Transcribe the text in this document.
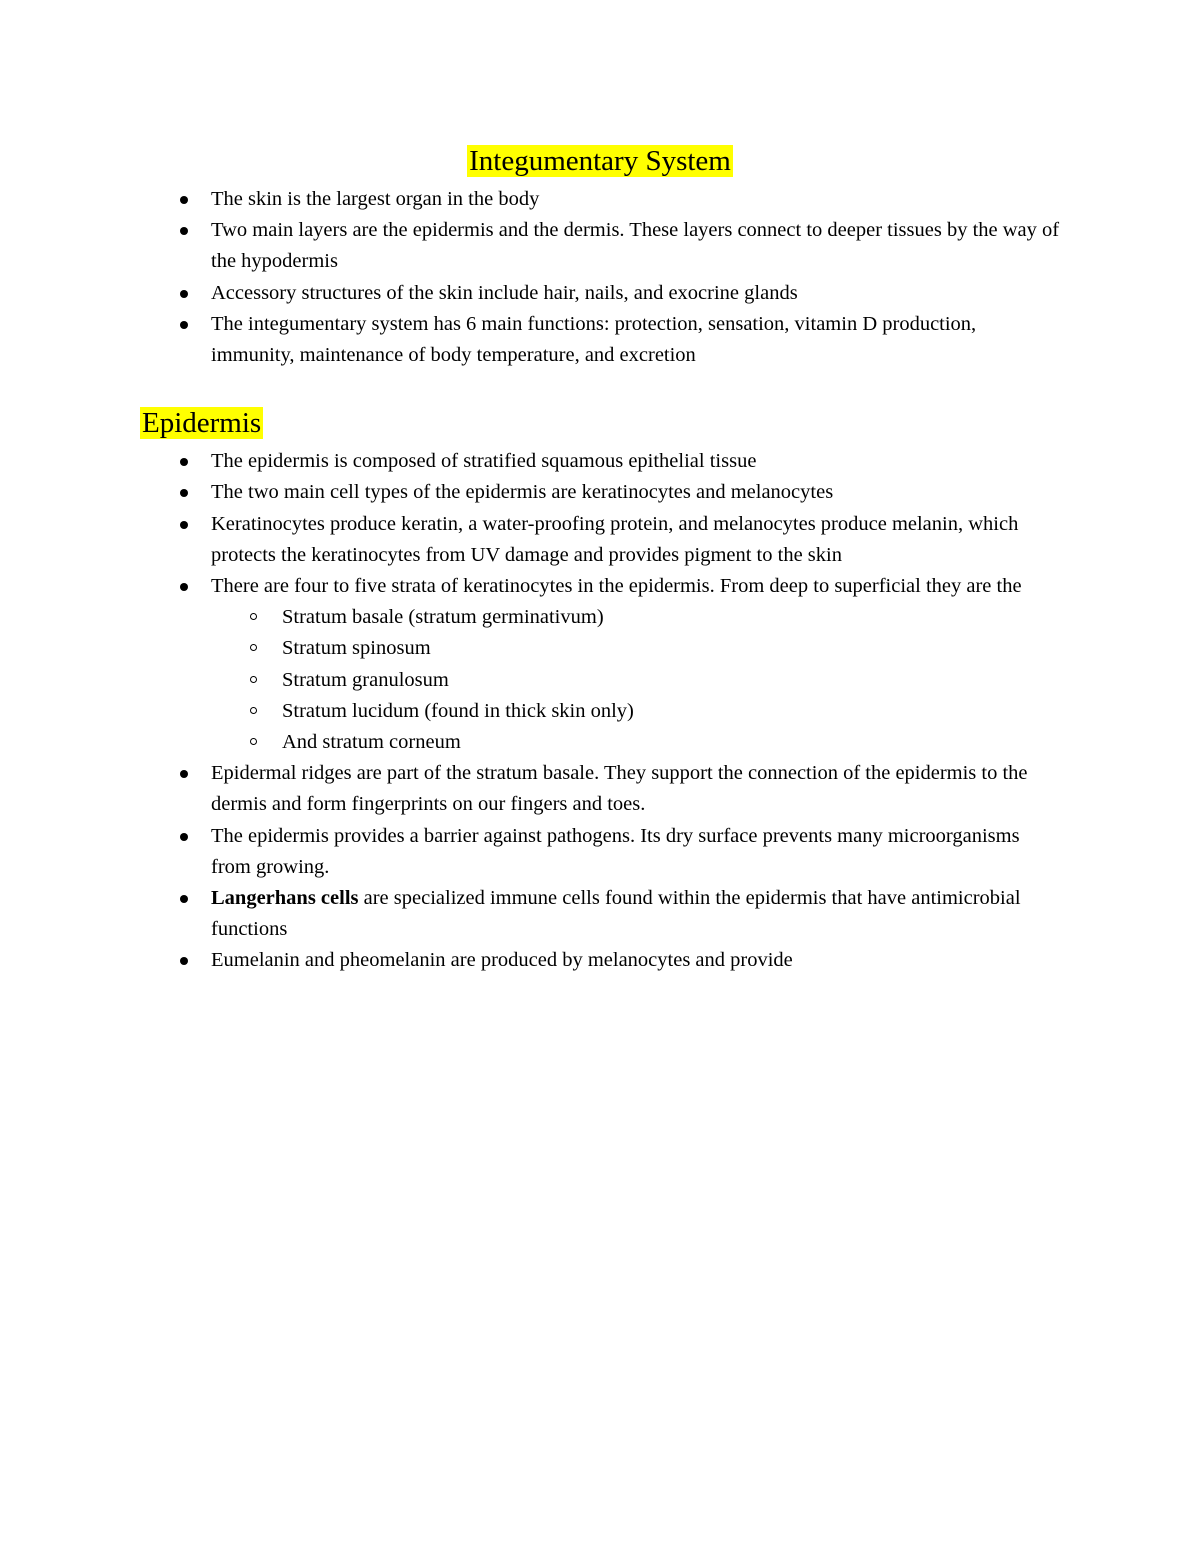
Integumentary System
The skin is the largest organ in the body
Two main layers are the epidermis and the dermis. These layers connect to deeper tissues by the way of the hypodermis
Accessory structures of the skin include hair, nails, and exocrine glands
The integumentary system has 6 main functions: protection, sensation, vitamin D production, immunity, maintenance of body temperature, and excretion
Epidermis
The epidermis is composed of stratified squamous epithelial tissue
The two main cell types of the epidermis are keratinocytes and melanocytes
Keratinocytes produce keratin, a water-proofing protein, and melanocytes produce melanin, which protects the keratinocytes from UV damage and provides pigment to the skin
There are four to five strata of keratinocytes in the epidermis. From deep to superficial they are the
Stratum basale (stratum germinativum)
Stratum spinosum
Stratum granulosum
Stratum lucidum (found in thick skin only)
And stratum corneum
Epidermal ridges are part of the stratum basale. They support the connection of the epidermis to the dermis and form fingerprints on our fingers and toes.
The epidermis provides a barrier against pathogens. Its dry surface prevents many microorganisms from growing.
Langerhans cells are specialized immune cells found within the epidermis that have antimicrobial functions
Eumelanin and pheomelanin are produced by melanocytes and provide
